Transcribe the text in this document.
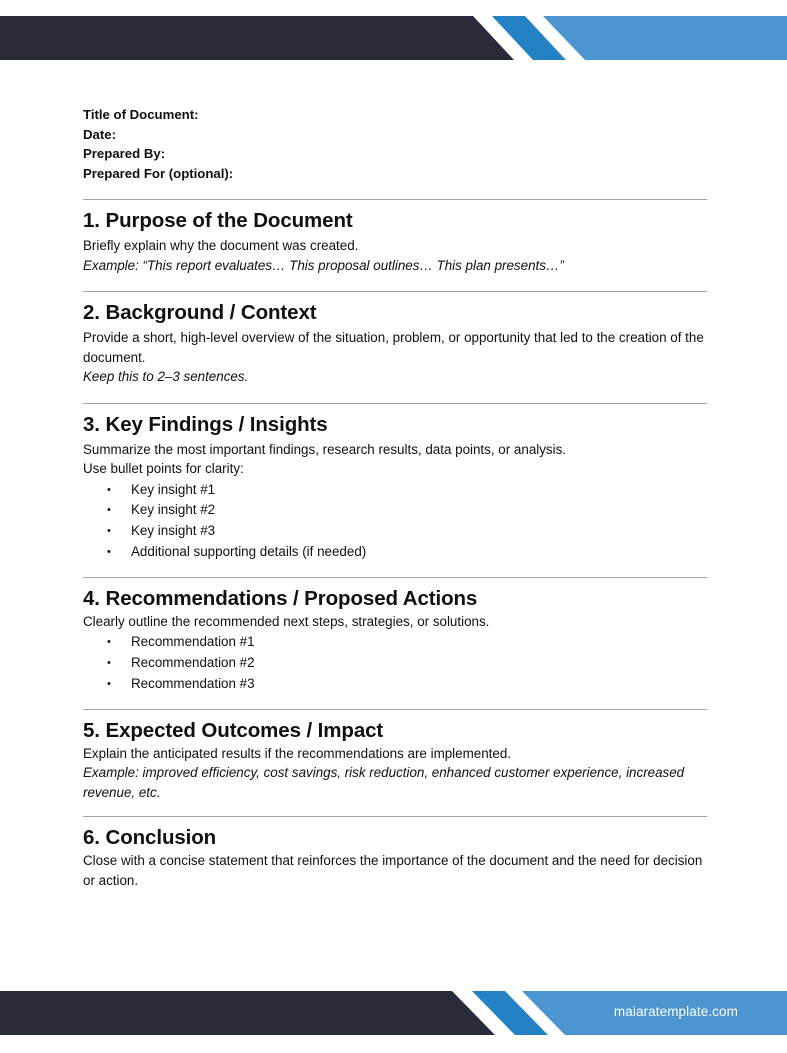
Title of Document:
Date:
Prepared By:
Prepared For (optional):
1. Purpose of the Document
Briefly explain why the document was created.
Example: “This report evaluates… This proposal outlines… This plan presents…”
2. Background / Context
Provide a short, high-level overview of the situation, problem, or opportunity that led to the creation of the document.
Keep this to 2–3 sentences.
3. Key Findings / Insights
Summarize the most important findings, research results, data points, or analysis.
Use bullet points for clarity:
• Key insight #1
• Key insight #2
• Key insight #3
• Additional supporting details (if needed)
4. Recommendations / Proposed Actions
Clearly outline the recommended next steps, strategies, or solutions.
• Recommendation #1
• Recommendation #2
• Recommendation #3
5. Expected Outcomes / Impact
Explain the anticipated results if the recommendations are implemented.
Example: improved efficiency, cost savings, risk reduction, enhanced customer experience, increased revenue, etc.
6. Conclusion
Close with a concise statement that reinforces the importance of the document and the need for decision or action.
maiaratemplate.com
